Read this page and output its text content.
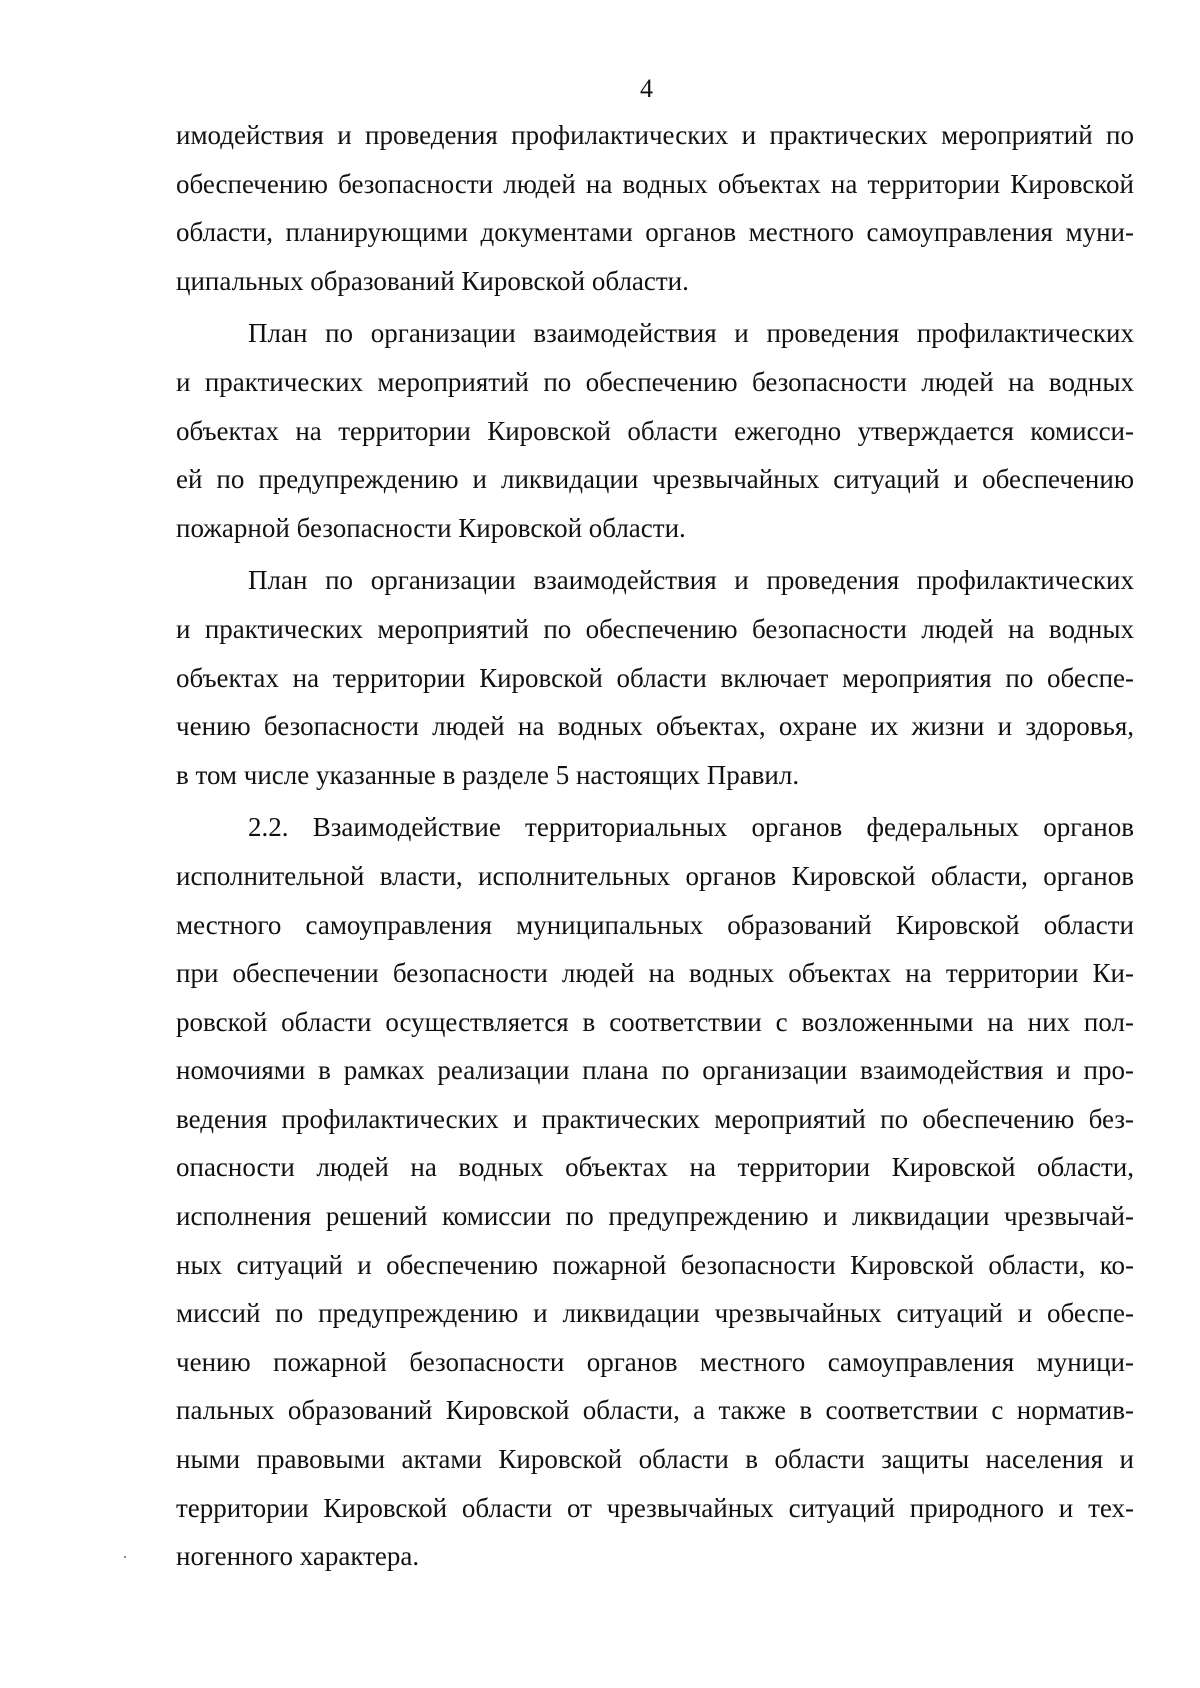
4
имодействия и проведения профилактических и практических мероприятий по
обеспечению безопасности людей на водных объектах на территории Кировской
области, планирующими документами органов местного самоуправления муни-
ципальных образований Кировской области.
План по организации взаимодействия и проведения профилактических
и практических мероприятий по обеспечению безопасности людей на водных
объектах на территории Кировской области ежегодно утверждается комисси-
ей по предупреждению и ликвидации чрезвычайных ситуаций и обеспечению
пожарной безопасности Кировской области.
План по организации взаимодействия и проведения профилактических
и практических мероприятий по обеспечению безопасности людей на водных
объектах на территории Кировской области включает мероприятия по обеспе-
чению безопасности людей на водных объектах, охране их жизни и здоровья,
в том числе указанные в разделе 5 настоящих Правил.
2.2. Взаимодействие территориальных органов федеральных органов
исполнительной власти, исполнительных органов Кировской области, органов
местного самоуправления муниципальных образований Кировской области
при обеспечении безопасности людей на водных объектах на территории Ки-
ровской области осуществляется в соответствии с возложенными на них пол-
номочиями в рамках реализации плана по организации взаимодействия и про-
ведения профилактических и практических мероприятий по обеспечению без-
опасности людей на водных объектах на территории Кировской области,
исполнения решений комиссии по предупреждению и ликвидации чрезвычай-
ных ситуаций и обеспечению пожарной безопасности Кировской области, ко-
миссий по предупреждению и ликвидации чрезвычайных ситуаций и обеспе-
чению пожарной безопасности органов местного самоуправления муници-
пальных образований Кировской области, а также в соответствии с норматив-
ными правовыми актами Кировской области в области защиты населения и
территории Кировской области от чрезвычайных ситуаций природного и тех-
ногенного характера.
